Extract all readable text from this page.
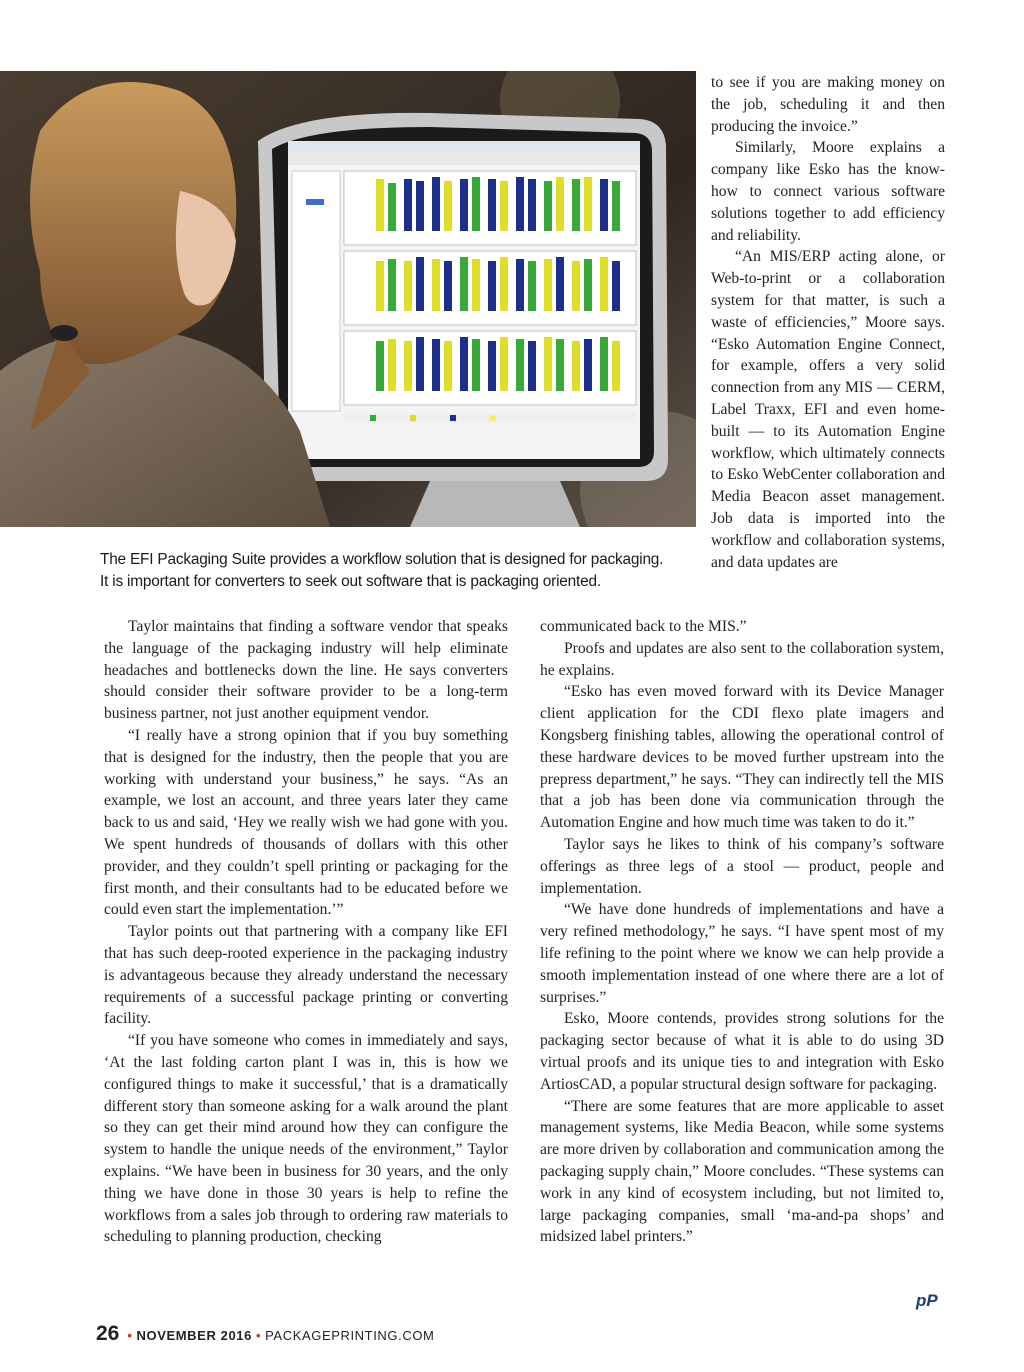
The EFI Packaging Suite provides a workflow solution that is designed for packaging.

It is important for converters to seek out software that is packaging oriented.

to see if you are making money on the job, scheduling it and then producing the invoice.”

Similarly, Moore explains a company like Esko has the know-how to connect various software solutions together to add efficiency and reliability.

“An MIS/ERP acting alone, or Web-to-print or a collaboration system for that matter, is such a waste of efficiencies,” Moore says. “Esko Automation Engine Connect, for example, offers a very solid connection from any MIS — CERM, Label Traxx, EFI and even home-built — to its Automation Engine workflow, which ultimately connects to Esko WebCenter collaboration and Media Beacon asset management. Job data is imported into the workflow and collaboration systems, and data updates are

Taylor maintains that finding a software vendor that speaks the language of the packaging industry will help eliminate headaches and bottlenecks down the line. He says converters should consider their software provider to be a long-term business partner, not just another equipment vendor.

“I really have a strong opinion that if you buy something that is designed for the industry, then the people that you are working with understand your business,” he says. “As an example, we lost an account, and three years later they came back to us and said, ‘Hey we really wish we had gone with you. We spent hundreds of thousands of dollars with this other provider, and they couldn’t spell printing or packaging for the first month, and their consultants had to be educated before we could even start the implementation.’”

Taylor points out that partnering with a company like EFI that has such deep-rooted experience in the packaging industry is advantageous because they already understand the necessary requirements of a successful package printing or converting facility.

“If you have someone who comes in immediately and says, ‘At the last folding carton plant I was in, this is how we configured things to make it successful,’ that is a dramatically different story than someone asking for a walk around the plant so they can get their mind around how they can configure the system to handle the unique needs of the environment,” Taylor explains. “We have been in business for 30 years, and the only thing we have done in those 30 years is help to refine the workflows from a sales job through to ordering raw materials to scheduling to planning production, checking

communicated back to the MIS.”

Proofs and updates are also sent to the collaboration system, he explains.

“Esko has even moved forward with its Device Manager client application for the CDI flexo plate imagers and Kongsberg finishing tables, allowing the operational control of these hardware devices to be moved further upstream into the prepress department,” he says. “They can indirectly tell the MIS that a job has been done via communication through the Automation Engine and how much time was taken to do it.”

Taylor says he likes to think of his company’s software offerings as three legs of a stool — product, people and implementation.

“We have done hundreds of implementations and have a very refined methodology,” he says. “I have spent most of my life refining to the point where we know we can help provide a smooth implementation instead of one where there are a lot of surprises.”

Esko, Moore contends, provides strong solutions for the packaging sector because of what it is able to do using 3D virtual proofs and its unique ties to and integration with Esko ArtiosCAD, a popular structural design software for packaging.

“There are some features that are more applicable to asset management systems, like Media Beacon, while some systems are more driven by collaboration and communication among the packaging supply chain,” Moore concludes. “These systems can work in any kind of ecosystem including, but not limited to, large packaging companies, small ‘ma-and-pa shops’ and midsized label printers.”

pP
26 • NOVEMBER 2016 • PACKAGEPRINTING.COM
